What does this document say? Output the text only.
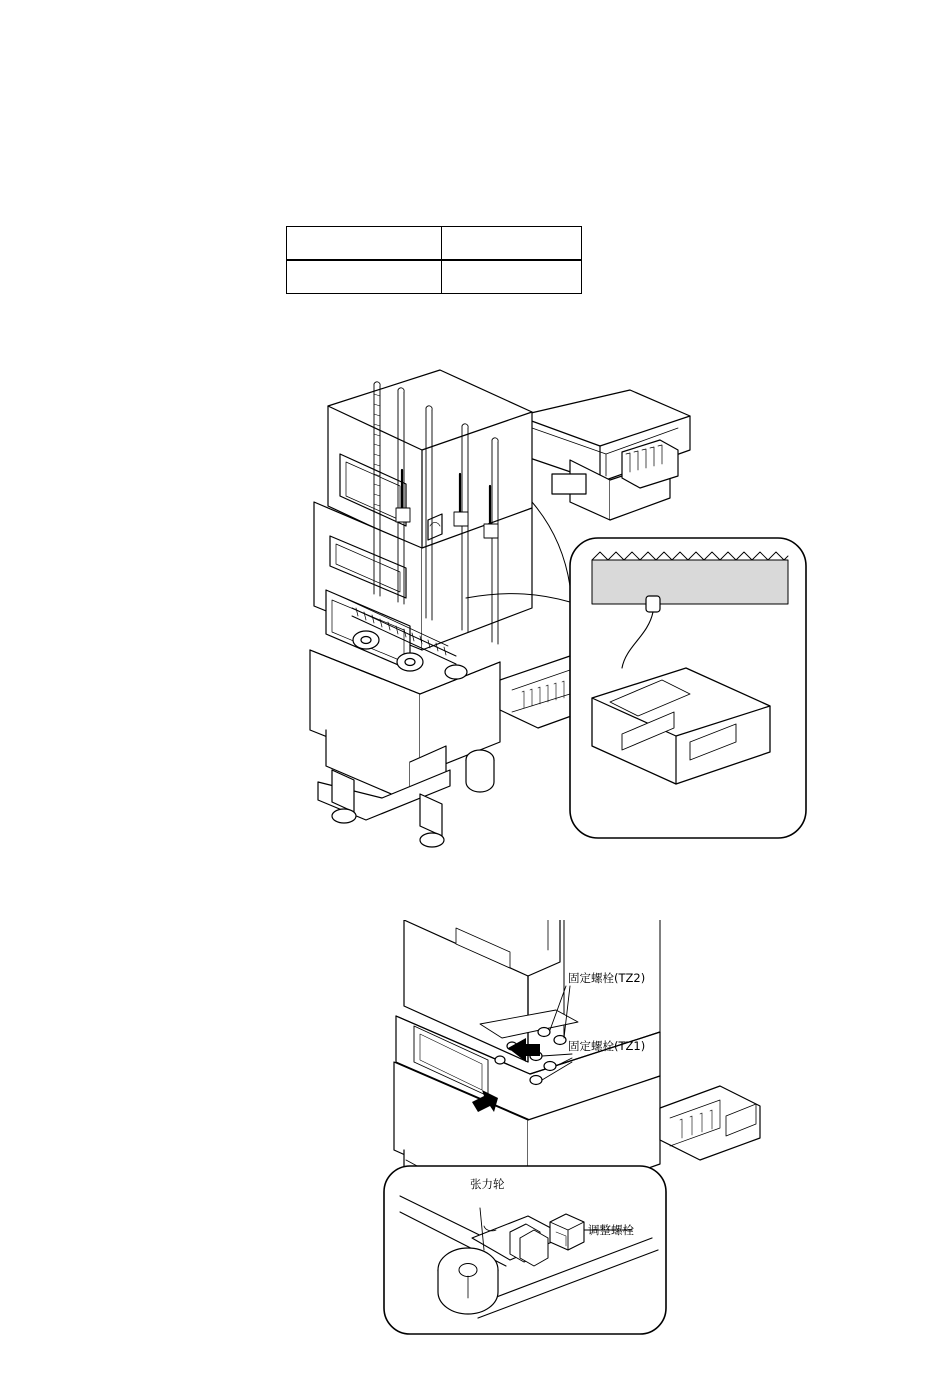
固定螺栓(TZ2)
固定螺栓(TZ1)
张力轮
调整螺栓
